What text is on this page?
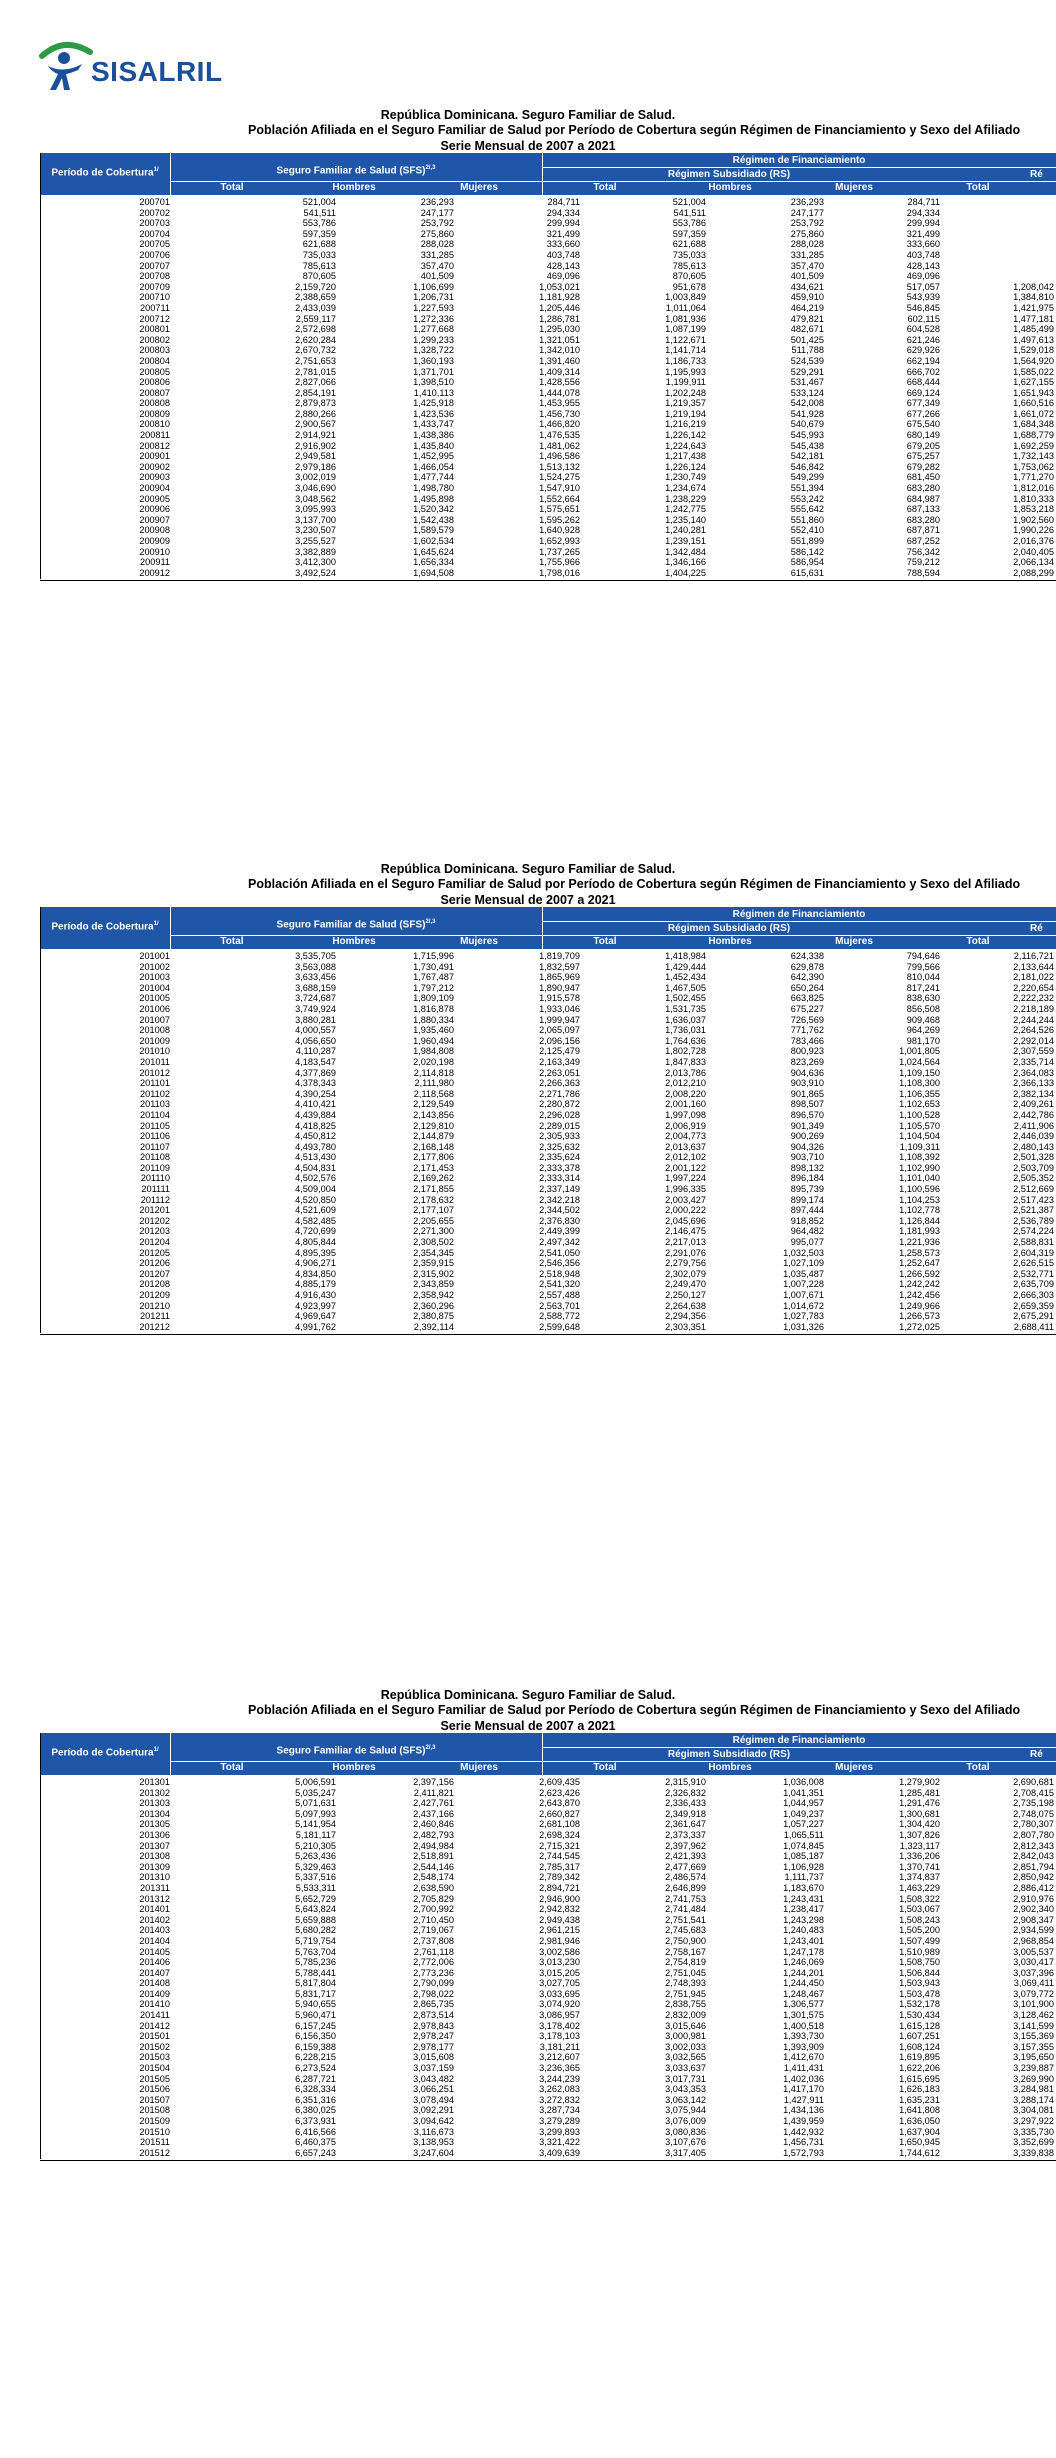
SISALRIL
República Dominicana. Seguro Familiar de Salud.
Población Afiliada en el Seguro Familiar de Salud por Período de Cobertura según Régimen de Financiamiento y Sexo del Afiliado
Serie Mensual de 2007 a 2021
Período de Cobertura$^{1/}$	Seguro Familiar de Salud (SFS)$^{2/,3}$
Régimen de Financiamiento
Régimen Subsidiado (RS)	Ré
Total	Hombres	Mujeres	Total	Hombres	Mujeres	Total
200701	521,004	236,293	284,711	521,004	236,293	284,711
200702	541,511	247,177	294,334	541,511	247,177	294,334
200703	553,786	253,792	299,994	553,786	253,792	299,994
200704	597,359	275,860	321,499	597,359	275,860	321,499
200705	621,688	288,028	333,660	621,688	288,028	333,660
200706	735,033	331,285	403,748	735,033	331,285	403,748
200707	785,613	357,470	428,143	785,613	357,470	428,143
200708	870,605	401,509	469,096	870,605	401,509	469,096
200709	2,159,720	1,106,699	1,053,021	951,678	434,621	517,057	1,208,042
200710	2,388,659	1,206,731	1,181,928	1,003,849	459,910	543,939	1,384,810
200711	2,433,039	1,227,593	1,205,446	1,011,064	464,219	546,845	1,421,975
200712	2,559,117	1,272,336	1,286,781	1,081,936	479,821	602,115	1,477,181
200801	2,572,698	1,277,668	1,295,030	1,087,199	482,671	604,528	1,485,499
200802	2,620,284	1,299,233	1,321,051	1,122,671	501,425	621,246	1,497,613
200803	2,670,732	1,328,722	1,342,010	1,141,714	511,788	629,926	1,529,018
200804	2,751,653	1,360,193	1,391,460	1,186,733	524,539	662,194	1,564,920
200805	2,781,015	1,371,701	1,409,314	1,195,993	529,291	666,702	1,585,022
200806	2,827,066	1,398,510	1,428,556	1,199,911	531,467	668,444	1,627,155
200807	2,854,191	1,410,113	1,444,078	1,202,248	533,124	669,124	1,651,943
200808	2,879,873	1,425,918	1,453,955	1,219,357	542,008	677,349	1,660,516
200809	2,880,266	1,423,536	1,456,730	1,219,194	541,928	677,266	1,661,072
200810	2,900,567	1,433,747	1,466,820	1,216,219	540,679	675,540	1,684,348
200811	2,914,921	1,438,386	1,476,535	1,226,142	545,993	680,149	1,688,779
200812	2,916,902	1,435,840	1,481,062	1,224,643	545,438	679,205	1,692,259
200901	2,949,581	1,452,995	1,496,586	1,217,438	542,181	675,257	1,732,143
200902	2,979,186	1,466,054	1,513,132	1,226,124	546,842	679,282	1,753,062
200903	3,002,019	1,477,744	1,524,275	1,230,749	549,299	681,450	1,771,270
200904	3,046,690	1,498,780	1,547,910	1,234,674	551,394	683,280	1,812,016
200905	3,048,562	1,495,898	1,552,664	1,238,229	553,242	684,987	1,810,333
200906	3,095,993	1,520,342	1,575,651	1,242,775	555,642	687,133	1,853,218
200907	3,137,700	1,542,438	1,595,262	1,235,140	551,860	683,280	1,902,560
200908	3,230,507	1,589,579	1,640,928	1,240,281	552,410	687,871	1,990,226
200909	3,255,527	1,602,534	1,652,993	1,239,151	551,899	687,252	2,016,376
200910	3,382,889	1,645,624	1,737,265	1,342,484	586,142	756,342	2,040,405
200911	3,412,300	1,656,334	1,755,966	1,346,166	586,954	759,212	2,066,134
200912	3,492,524	1,694,508	1,798,016	1,404,225	615,631	788,594	2,088,299
República Dominicana. Seguro Familiar de Salud.
Población Afiliada en el Seguro Familiar de Salud por Período de Cobertura según Régimen de Financiamiento y Sexo del Afiliado
Serie Mensual de 2007 a 2021
Período de Cobertura$^{1/}$	Seguro Familiar de Salud (SFS)$^{2/,3}$
Régimen de Financiamiento
Régimen Subsidiado (RS)	Ré
Total	Hombres	Mujeres	Total	Hombres	Mujeres	Total
201001	3,535,705	1,715,996	1,819,709	1,418,984	624,338	794,646	2,116,721
201002	3,563,088	1,730,491	1,832,597	1,429,444	629,878	799,566	2,133,644
201003	3,633,456	1,767,487	1,865,969	1,452,434	642,390	810,044	2,181,022
201004	3,688,159	1,797,212	1,890,947	1,467,505	650,264	817,241	2,220,654
201005	3,724,687	1,809,109	1,915,578	1,502,455	663,825	838,630	2,222,232
201006	3,749,924	1,816,878	1,933,046	1,531,735	675,227	856,508	2,218,189
201007	3,880,281	1,880,334	1,999,947	1,636,037	726,569	909,468	2,244,244
201008	4,000,557	1,935,460	2,065,097	1,736,031	771,762	964,269	2,264,526
201009	4,056,650	1,960,494	2,096,156	1,764,636	783,466	981,170	2,292,014
201010	4,110,287	1,984,808	2,125,479	1,802,728	800,923	1,001,805	2,307,559
201011	4,183,547	2,020,198	2,163,349	1,847,833	823,269	1,024,564	2,335,714
201012	4,377,869	2,114,818	2,263,051	2,013,786	904,636	1,109,150	2,364,083
201101	4,378,343	2,111,980	2,266,363	2,012,210	903,910	1,108,300	2,366,133
201102	4,390,254	2,118,568	2,271,786	2,008,220	901,865	1,106,355	2,382,134
201103	4,410,421	2,129,549	2,280,872	2,001,160	898,507	1,102,653	2,409,261
201104	4,439,884	2,143,856	2,296,028	1,997,098	896,570	1,100,528	2,442,786
201105	4,418,825	2,129,810	2,289,015	2,006,919	901,349	1,105,570	2,411,906
201106	4,450,812	2,144,879	2,305,933	2,004,773	900,269	1,104,504	2,446,039
201107	4,493,780	2,168,148	2,325,632	2,013,637	904,326	1,109,311	2,480,143
201108	4,513,430	2,177,806	2,335,624	2,012,102	903,710	1,108,392	2,501,328
201109	4,504,831	2,171,453	2,333,378	2,001,122	898,132	1,102,990	2,503,709
201110	4,502,576	2,169,262	2,333,314	1,997,224	896,184	1,101,040	2,505,352
201111	4,509,004	2,171,855	2,337,149	1,996,335	895,739	1,100,596	2,512,669
201112	4,520,850	2,178,632	2,342,218	2,003,427	899,174	1,104,253	2,517,423
201201	4,521,609	2,177,107	2,344,502	2,000,222	897,444	1,102,778	2,521,387
201202	4,582,485	2,205,655	2,376,830	2,045,696	918,852	1,126,844	2,536,789
201203	4,720,699	2,271,300	2,449,399	2,146,475	964,482	1,181,993	2,574,224
201204	4,805,844	2,308,502	2,497,342	2,217,013	995,077	1,221,936	2,588,831
201205	4,895,395	2,354,345	2,541,050	2,291,076	1,032,503	1,258,573	2,604,319
201206	4,906,271	2,359,915	2,546,356	2,279,756	1,027,109	1,252,647	2,626,515
201207	4,834,850	2,315,902	2,518,948	2,302,079	1,035,487	1,266,592	2,532,771
201208	4,885,179	2,343,859	2,541,320	2,249,470	1,007,228	1,242,242	2,635,709
201209	4,916,430	2,358,942	2,557,488	2,250,127	1,007,671	1,242,456	2,666,303
201210	4,923,997	2,360,296	2,563,701	2,264,638	1,014,672	1,249,966	2,659,359
201211	4,969,647	2,380,875	2,588,772	2,294,356	1,027,783	1,266,573	2,675,291
201212	4,991,762	2,392,114	2,599,648	2,303,351	1,031,326	1,272,025	2,688,411
República Dominicana. Seguro Familiar de Salud.
Población Afiliada en el Seguro Familiar de Salud por Período de Cobertura según Régimen de Financiamiento y Sexo del Afiliado
Serie Mensual de 2007 a 2021
Período de Cobertura$^{1/}$	Seguro Familiar de Salud (SFS)$^{2/,3}$
Régimen de Financiamiento
Régimen Subsidiado (RS)	Ré
Total	Hombres	Mujeres	Total	Hombres	Mujeres	Total
201301	5,006,591	2,397,156	2,609,435	2,315,910	1,036,008	1,279,902	2,690,681
201302	5,035,247	2,411,821	2,623,426	2,326,832	1,041,351	1,285,481	2,708,415
201303	5,071,631	2,427,761	2,643,870	2,336,433	1,044,957	1,291,476	2,735,198
201304	5,097,993	2,437,166	2,660,827	2,349,918	1,049,237	1,300,681	2,748,075
201305	5,141,954	2,460,846	2,681,108	2,361,647	1,057,227	1,304,420	2,780,307
201306	5,181,117	2,482,793	2,698,324	2,373,337	1,065,511	1,307,826	2,807,780
201307	5,210,305	2,494,984	2,715,321	2,397,962	1,074,845	1,323,117	2,812,343
201308	5,263,436	2,518,891	2,744,545	2,421,393	1,085,187	1,336,206	2,842,043
201309	5,329,463	2,544,146	2,785,317	2,477,669	1,106,928	1,370,741	2,851,794
201310	5,337,516	2,548,174	2,789,342	2,486,574	1,111,737	1,374,837	2,850,942
201311	5,533,311	2,638,590	2,894,721	2,646,899	1,183,670	1,463,229	2,886,412
201312	5,652,729	2,705,829	2,946,900	2,741,753	1,243,431	1,508,322	2,910,976
201401	5,643,824	2,700,992	2,942,832	2,741,484	1,238,417	1,503,067	2,902,340
201402	5,659,888	2,710,450	2,949,438	2,751,541	1,243,298	1,508,243	2,908,347
201403	5,680,282	2,719,067	2,961,215	2,745,683	1,240,483	1,505,200	2,934,599
201404	5,719,754	2,737,808	2,981,946	2,750,900	1,243,401	1,507,499	2,968,854
201405	5,763,704	2,761,118	3,002,586	2,758,167	1,247,178	1,510,989	3,005,537
201406	5,785,236	2,772,006	3,013,230	2,754,819	1,246,069	1,508,750	3,030,417
201407	5,788,441	2,773,236	3,015,205	2,751,045	1,244,201	1,506,844	3,037,396
201408	5,817,804	2,790,099	3,027,705	2,748,393	1,244,450	1,503,943	3,069,411
201409	5,831,717	2,798,022	3,033,695	2,751,945	1,248,467	1,503,478	3,079,772
201410	5,940,655	2,865,735	3,074,920	2,838,755	1,306,577	1,532,178	3,101,900
201411	5,960,471	2,873,514	3,086,957	2,832,009	1,301,575	1,530,434	3,128,462
201412	6,157,245	2,978,843	3,178,402	3,015,646	1,400,518	1,615,128	3,141,599
201501	6,156,350	2,978,247	3,178,103	3,000,981	1,393,730	1,607,251	3,155,369
201502	6,159,388	2,978,177	3,181,211	3,002,033	1,393,909	1,608,124	3,157,355
201503	6,228,215	3,015,608	3,212,607	3,032,565	1,412,670	1,619,895	3,195,650
201504	6,273,524	3,037,159	3,236,365	3,033,637	1,411,431	1,622,206	3,239,887
201505	6,287,721	3,043,482	3,244,239	3,017,731	1,402,036	1,615,695	3,269,990
201506	6,328,334	3,066,251	3,262,083	3,043,353	1,417,170	1,626,183	3,284,981
201507	6,351,316	3,078,494	3,272,832	3,063,142	1,427,911	1,635,231	3,288,174
201508	6,380,025	3,092,291	3,287,734	3,075,944	1,434,136	1,641,808	3,304,081
201509	6,373,931	3,094,642	3,279,289	3,076,009	1,439,959	1,636,050	3,297,922
201510	6,416,566	3,116,673	3,299,893	3,080,836	1,442,932	1,637,904	3,335,730
201511	6,460,375	3,138,953	3,321,422	3,107,676	1,456,731	1,650,945	3,352,699
201512	6,657,243	3,247,604	3,409,639	3,317,405	1,572,793	1,744,612	3,339,838
